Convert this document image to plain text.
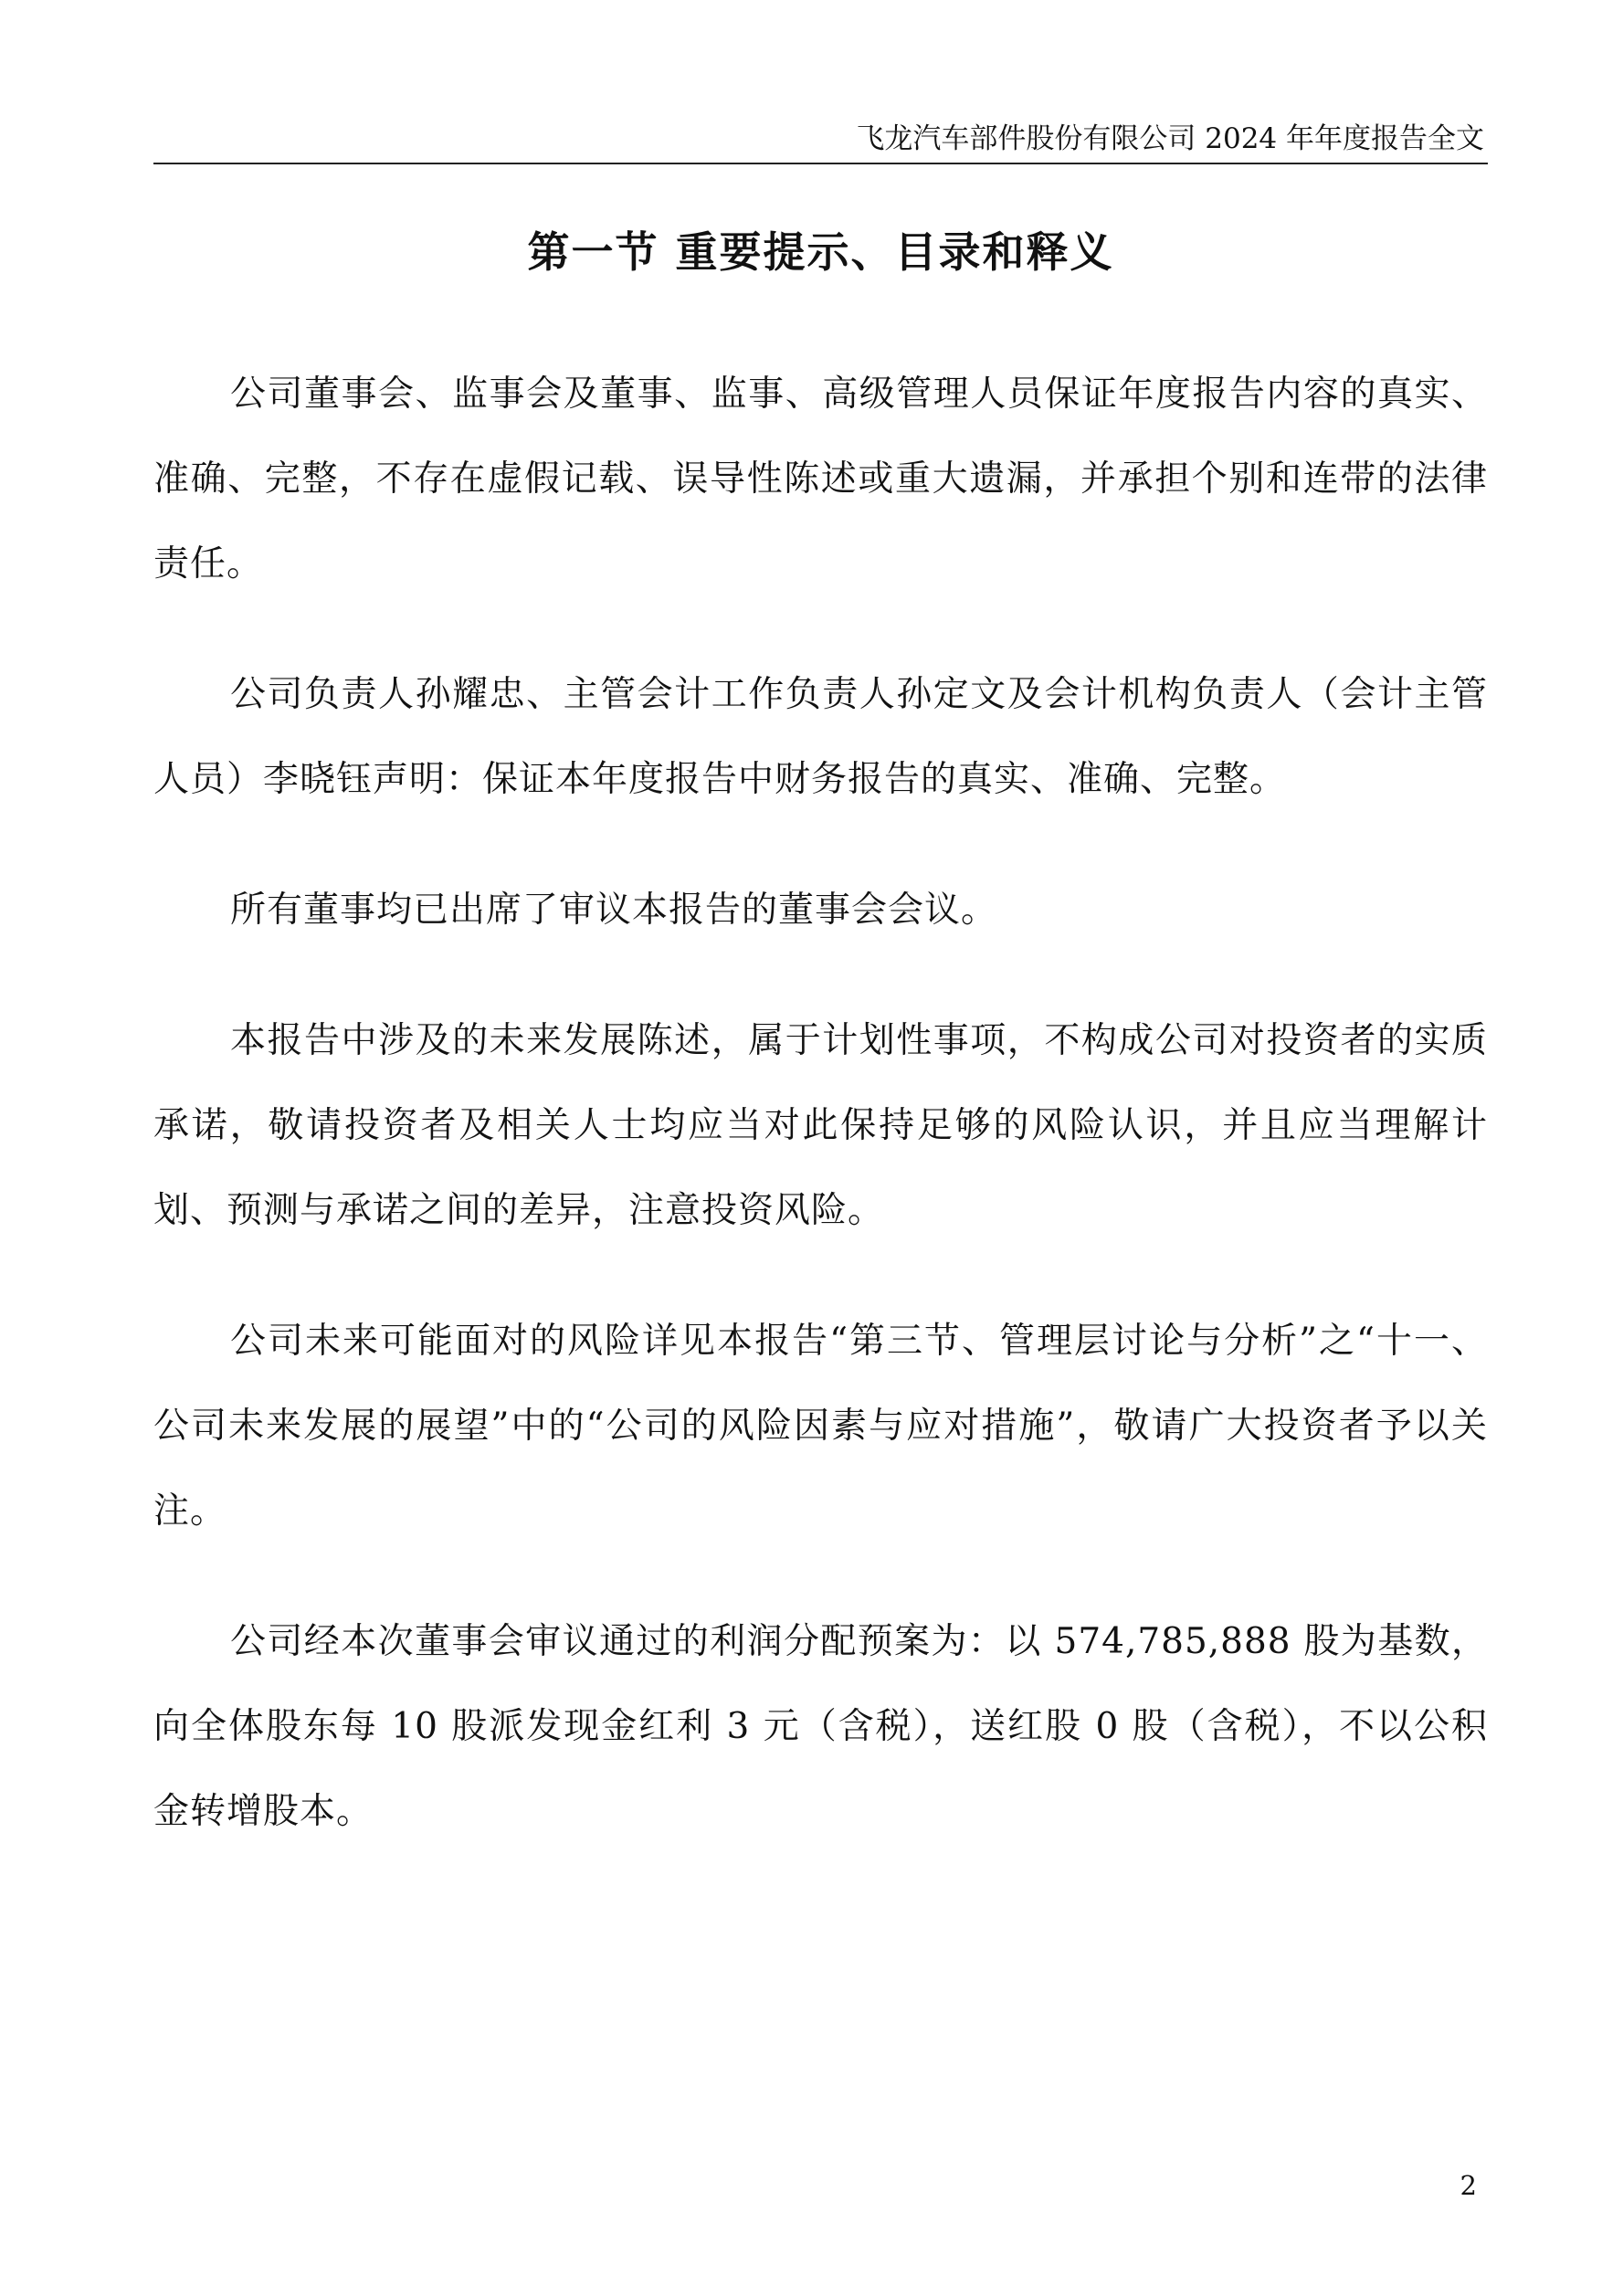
飞龙汽车部件股份有限公司 2024 年年度报告全文
第一节 重要提示、目录和释义

公司董事会、监事会及董事、监事、高级管理人员保证年度报告内容的真实、准确、完整，不存在虚假记载、误导性陈述或重大遗漏，并承担个别和连带的法律责任。

公司负责人孙耀忠、主管会计工作负责人孙定文及会计机构负责人（会计主管人员）李晓钰声明：保证本年度报告中财务报告的真实、准确、完整。

所有董事均已出席了审议本报告的董事会会议。

本报告中涉及的未来发展陈述，属于计划性事项，不构成公司对投资者的实质承诺，敬请投资者及相关人士均应当对此保持足够的风险认识，并且应当理解计划、预测与承诺之间的差异，注意投资风险。

公司未来可能面对的风险详见本报告“第三节、管理层讨论与分析”之“十一、公司未来发展的展望”中的“公司的风险因素与应对措施”，敬请广大投资者予以关注。

公司经本次董事会审议通过的利润分配预案为：以 574,785,888 股为基数，向全体股东每 10 股派发现金红利 3 元（含税），送红股 0 股（含税），不以公积金转增股本。

2
